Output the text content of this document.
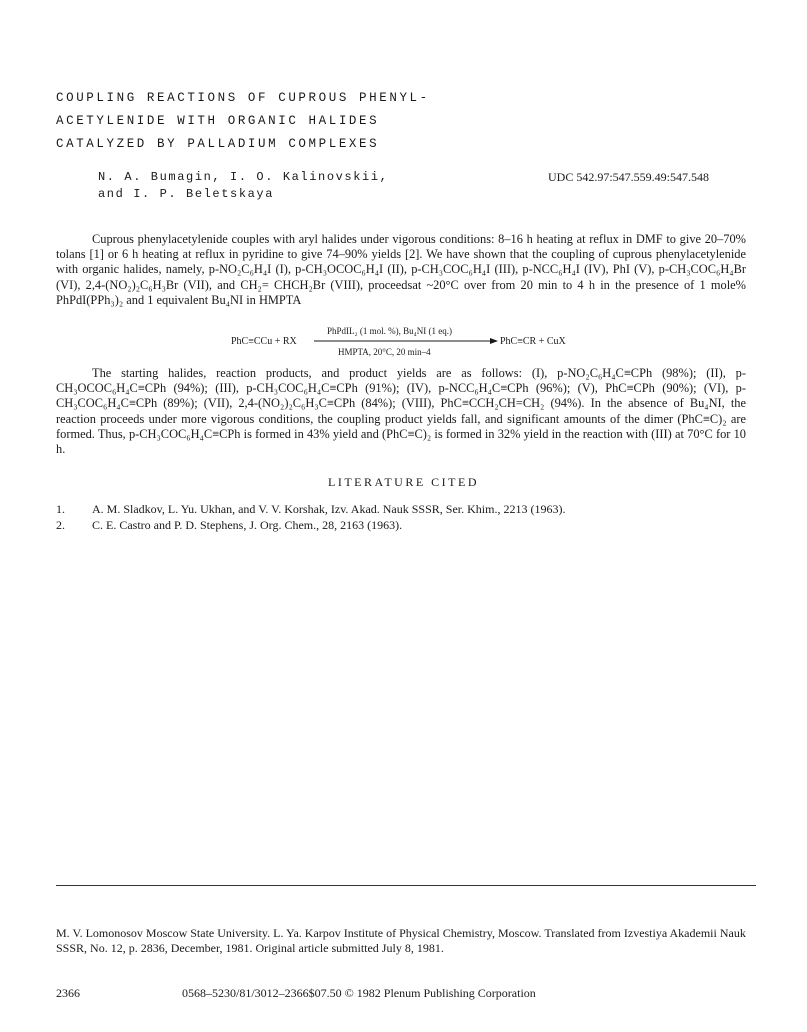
COUPLING REACTIONS OF CUPROUS PHENYL-
ACETYLENIDE WITH ORGANIC HALIDES
CATALYZED BY PALLADIUM COMPLEXES
N. A. Bumagin, I. O. Kalinovskii,
and I. P. Beletskaya
UDC 542.97:547.559.49:547.548
Cuprous phenylacetylenide couples with aryl halides under vigorous conditions: 8–16 h heating at reflux in DMF to give 20–70% tolans [1] or 6 h heating at reflux in pyridine to give 74–90% yields [2]. We have shown that the coupling of cuprous phenylacetylenide with organic halides, namely, p-NO₂C₆H₄I (I), p-CH₃OCOC₆H₄I (II), p-CH₃COC₆H₄I (III), p-NCC₆H₄I (IV), PhI (V), p-CH₃COC₆H₄Br (VI), 2,4-(NO₂)₂C₆H₃Br (VII), and CH₂= CHCH₂Br (VIII), proceedsat ~20°C over from 20 min to 4 h in the presence of 1 mole% PhPdI(PPh₃)₂ and 1 equivalent Bu₄NI in HMPTA
PhC≡CCu + RX
PhPdIL₂ (1 mol. %), Bu₄NI (1 eq.)
HMPTA, 20°C, 20 min–4
PhC≡CR + CuX
The starting halides, reaction products, and product yields are as follows: (I), p-NO₂C₆H₄C≡CPh (98%); (II), p-CH₃OCOC₆H₄C≡CPh (94%); (III), p-CH₃COC₆H₄C≡CPh (91%); (IV), p-NCC₆H₄C≡CPh (96%); (V), PhC≡CPh (90%); (VI), p-CH₃COC₆H₄C≡CPh (89%); (VII), 2,4-(NO₂)₂C₆H₃C≡CPh (84%); (VIII), PhC≡CCH₂CH=CH₂ (94%). In the absence of Bu₄NI, the reaction proceeds under more vigorous conditions, the coupling product yields fall, and significant amounts of the dimer (PhC≡C)₂ are formed. Thus, p-CH₃COC₆H₄C≡CPh is formed in 43% yield and (PhC≡C)₂ is formed in 32% yield in the reaction with (III) at 70°C for 10 h.
LITERATURE CITED
1. A. M. Sladkov, L. Yu. Ukhan, and V. V. Korshak, Izv. Akad. Nauk SSSR, Ser. Khim., 2213 (1963).
2. C. E. Castro and P. D. Stephens, J. Org. Chem., 28, 2163 (1963).
M. V. Lomonosov Moscow State University. L. Ya. Karpov Institute of Physical Chemistry, Moscow. Translated from Izvestiya Akademii Nauk SSSR, No. 12, p. 2836, December, 1981. Original article submitted July 8, 1981.
2366	0568–5230/81/3012–2366$07.50 © 1982 Plenum Publishing Corporation
